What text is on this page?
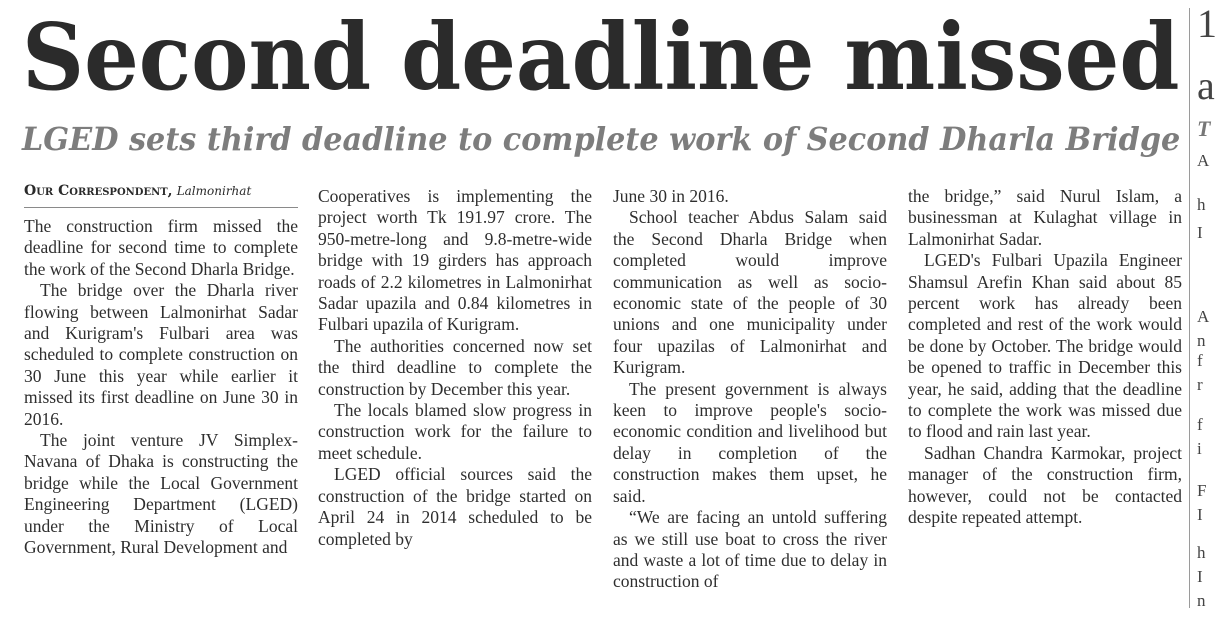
Second deadline missed
LGED sets third deadline to complete work of Second Dharla Bridge
Our Correspondent, Lalmonirhat

The construction firm missed the deadline for second time to complete the work of the Second Dharla Bridge.

The bridge over the Dharla river flowing between Lalmonirhat Sadar and Kurigram's Fulbari area was scheduled to complete construction on 30 June this year while earlier it missed its first deadline on June 30 in 2016.

The joint venture JV Simplex-Navana of Dhaka is constructing the bridge while the Local Government Engineering Department (LGED) under the Ministry of Local Government, Rural Development and

Cooperatives is implementing the project worth Tk 191.97 crore. The 950-metre-long and 9.8-metre-wide bridge with 19 girders has approach roads of 2.2 kilometres in Lalmonirhat Sadar upazila and 0.84 kilometres in Fulbari upazila of Kurigram.

The authorities concerned now set the third deadline to complete the construction by December this year.

The locals blamed slow progress in construction work for the failure to meet schedule.

LGED official sources said the construction of the bridge started on April 24 in 2014 scheduled to be completed by

June 30 in 2016.

School teacher Abdus Salam said the Second Dharla Bridge when completed would improve communication as well as socio-economic state of the people of 30 unions and one municipality under four upazilas of Lalmonirhat and Kurigram.

The present government is always keen to improve people's socio-economic condition and livelihood but delay in completion of the construction makes them upset, he said.

“We are facing an untold suffering as we still use boat to cross the river and waste a lot of time due to delay in construction of

the bridge,” said Nurul Islam, a businessman at Kulaghat village in Lalmonirhat Sadar.

LGED's Fulbari Upazila Engineer Shamsul Arefin Khan said about 85 percent work has already been completed and rest of the work would be done by October. The bridge would be opened to traffic in December this year, he said, adding that the deadline to complete the work was missed due to flood and rain last year.

Sadhan Chandra Karmokar, project manager of the construction firm, however, could not be contacted despite repeated attempt.

1
a
T
A
h
I
A
n
f
r
f
i
F
I
h
I
n
